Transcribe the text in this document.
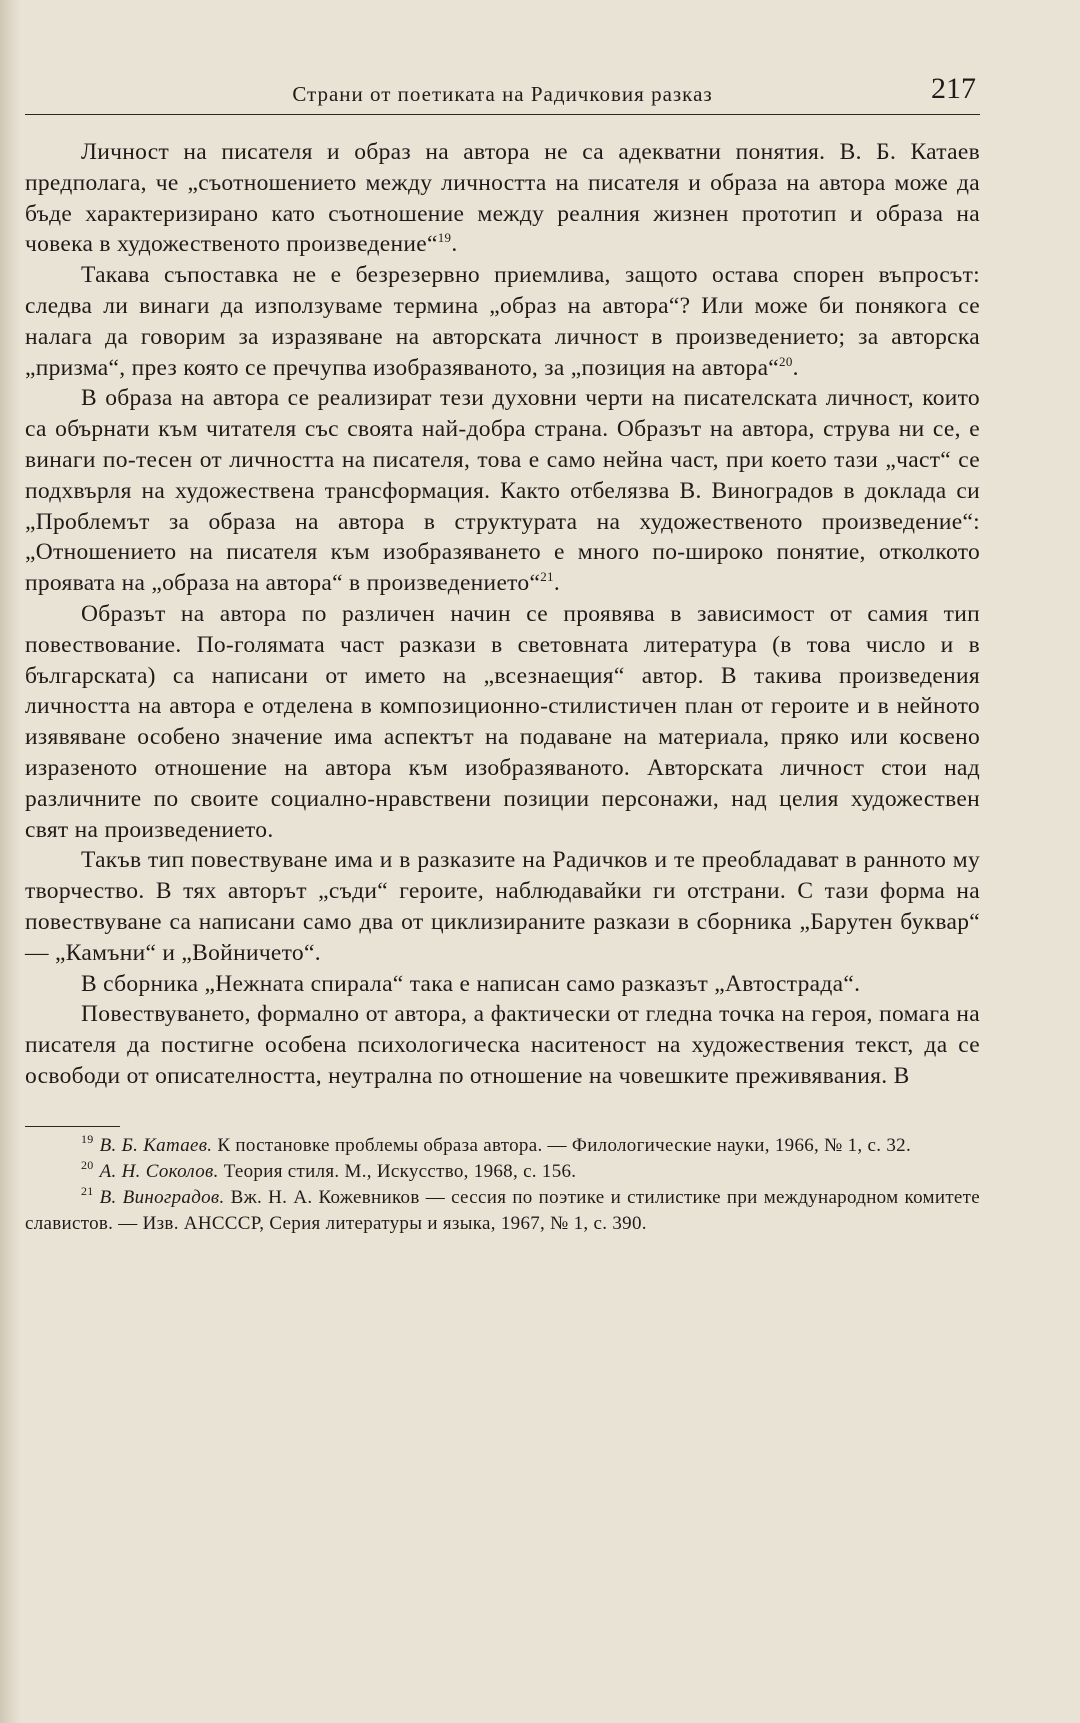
Страни от поетиката на Радичковия разказ	217

Личност на писателя и образ на автора не са адекватни понятия. В. Б. Катаев предполага, че „съотношението между личността на писателя и образа на автора може да бъде характеризирано като съотношение между реалния жизнен прототип и образа на човека в художественото произведение“$^{19}$.

Такава съпоставка не е безрезервно приемлива, защото остава спорен въпросът: следва ли винаги да използуваме термина „образ на автора“? Или може би понякога се налага да говорим за изразяване на авторската личност в произведението; за авторска „призма“, през която се пречупва изобразяваното, за „позиция на автора“$^{20}$.

В образа на автора се реализират тези духовни черти на писателската личност, които са обърнати към читателя със своята най-добра страна. Образът на автора, струва ни се, е винаги по-тесен от личността на писателя, това е само нейна част, при което тази „част“ се подхвърля на художествена трансформация. Както отбелязва В. Виноградов в доклада си „Проблемът за образа на автора в структурата на художественото произведение“: „Отношението на писателя към изобразяването е много по-широко понятие, отколкото проявата на „образа на автора“ в произведението“$^{21}$.

Образът на автора по различен начин се проявява в зависимост от самия тип повествование. По-голямата част разкази в световната литература (в това число и в българската) са написани от името на „всезнаещия“ автор. В такива произведения личността на автора е отделена в композиционно-стилистичен план от героите и в нейното изявяване особено значение има аспектът на подаване на материала, пряко или косвено изразеното отношение на автора към изобразяваното. Авторската личност стои над различните по своите социално-нравствени позиции персонажи, над целия художествен свят на произведението.

Такъв тип повествуване има и в разказите на Радичков и те преобладават в ранното му творчество. В тях авторът „съди“ героите, наблюдавайки ги отстрани. С тази форма на повествуване са написани само два от циклизираните разкази в сборника „Барутен буквар“ — „Камъни“ и „Войничето“.

В сборника „Нежната спирала“ така е написан само разказът „Автострада“.

Повествуването, формално от автора, а фактически от гледна точка на героя, помага на писателя да постигне особена психологическа наситеност на художествения текст, да се освободи от описателността, неутрална по отношение на човешките преживявания. В

$^{19}$ В. Б. Катаев. К постановке проблемы образа автора. — Филологические науки, 1966, № 1, с. 32.

$^{20}$ А. Н. Соколов. Теория стиля. М., Искусство, 1968, с. 156.

$^{21}$ В. Виноградов. Вж. Н. А. Кожевников — сессия по поэтике и стилистике при международном комитете славистов. — Изв. АНСССР, Серия литературы и языка, 1967, № 1, с. 390.
